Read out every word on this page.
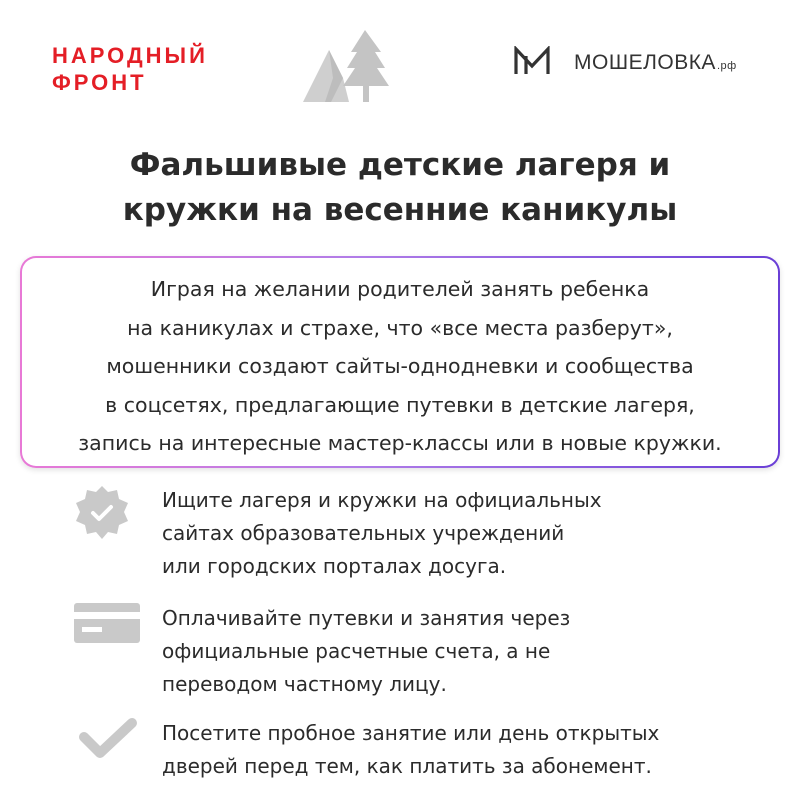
НАРОДНЫЙ
ФРОНТ
МОШЕЛОВКА.рф
Фальшивые детские лагеря и
кружки на весенние каникулы
Играя на желании родителей занять ребенка
на каникулах и страхе, что «все места разберут»,
мошенники создают сайты-однодневки и сообщества
в соцсетях, предлагающие путевки в детские лагеря,
запись на интересные мастер-классы или в новые кружки.
Ищите лагеря и кружки на официальных
сайтах образовательных учреждений
или городских порталах досуга.
Оплачивайте путевки и занятия через
официальные расчетные счета, а не
переводом частному лицу.
Посетите пробное занятие или день открытых
дверей перед тем, как платить за абонемент.
